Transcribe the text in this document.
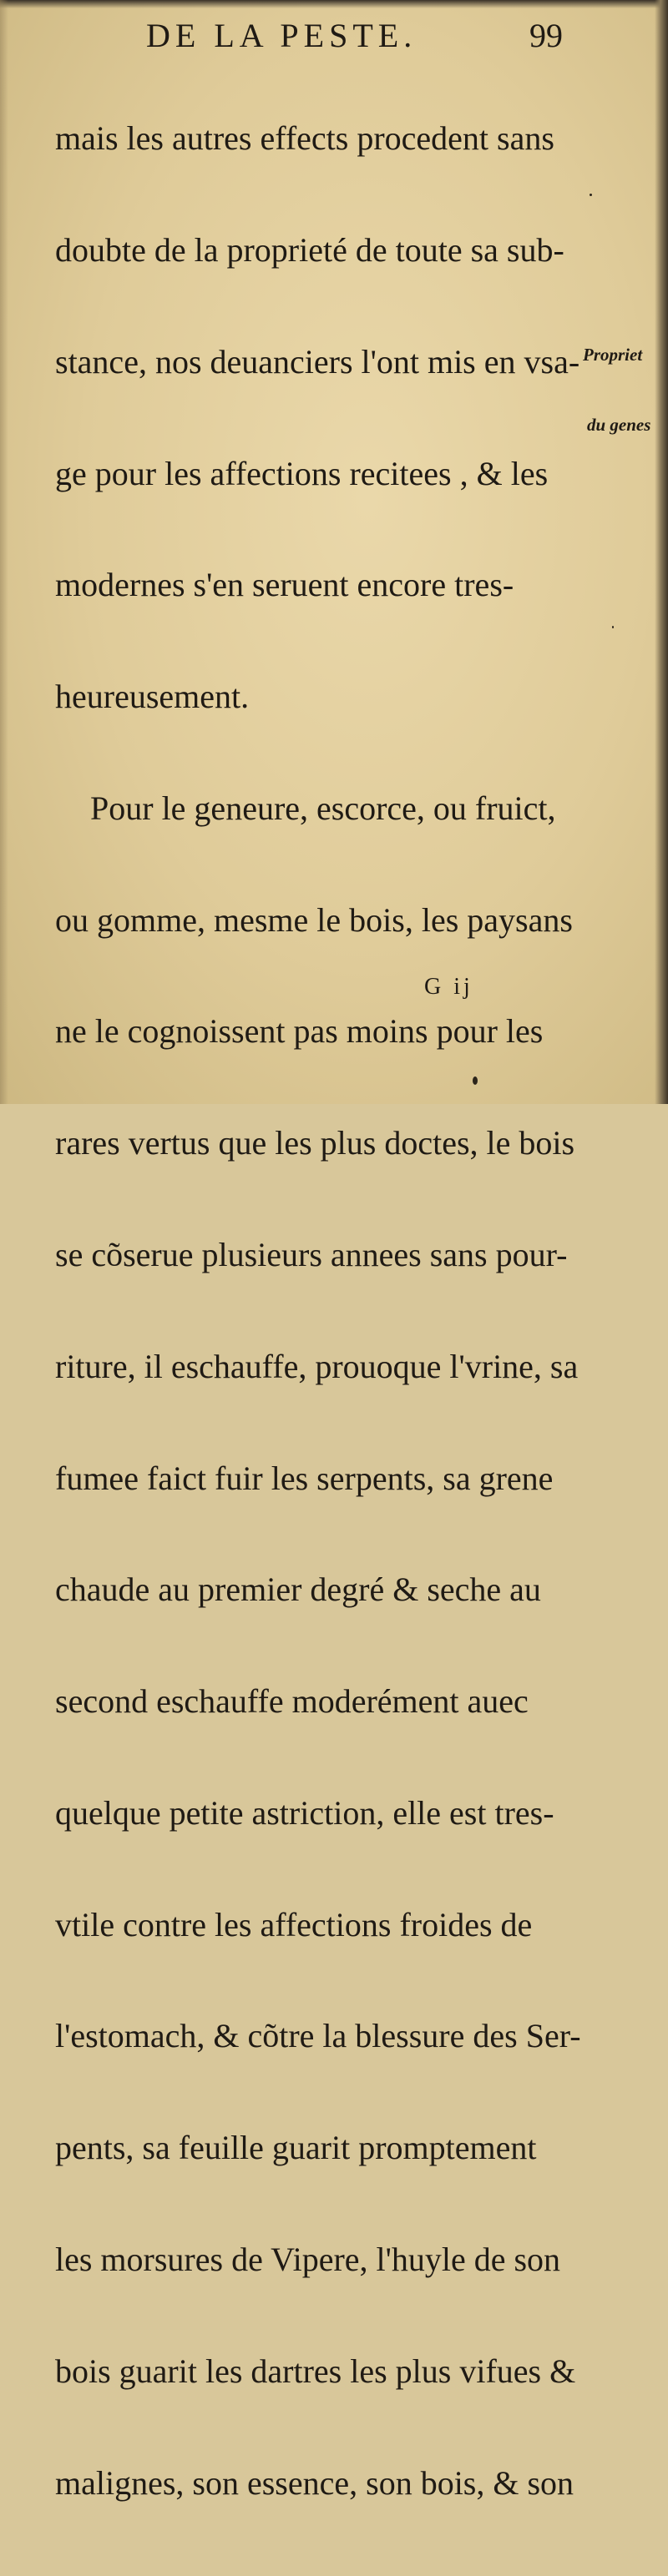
DE LA PESTE.	99

mais les autres effects procedent sans

doubte de la proprieté de toute sa sub-

stance, nos deuanciers l'ont mis en vsa-

ge pour les affections recitees , & les

modernes s'en seruent encore tres-

heureusement.

Pour le geneure, escorce, ou fruict,

ou gomme, mesme le bois, les paysans

ne le cognoissent pas moins pour les

rares vertus que les plus doctes, le bois

se cõserue plusieurs annees sans pour-

riture, il eschauffe, prouoque l'vrine, sa

fumee faict fuir les serpents, sa grene

chaude au premier degré & seche au

second eschauffe moderément auec

quelque petite astriction, elle est tres-

vtile contre les affections froides de

l'estomach, & cõtre la blessure des Ser-

pents, sa feuille guarit promptement

les morsures de Vipere, l'huyle de son

bois guarit les dartres les plus vifues &

malignes, son essence, son bois, & son

Propriet

du genes

G ij
